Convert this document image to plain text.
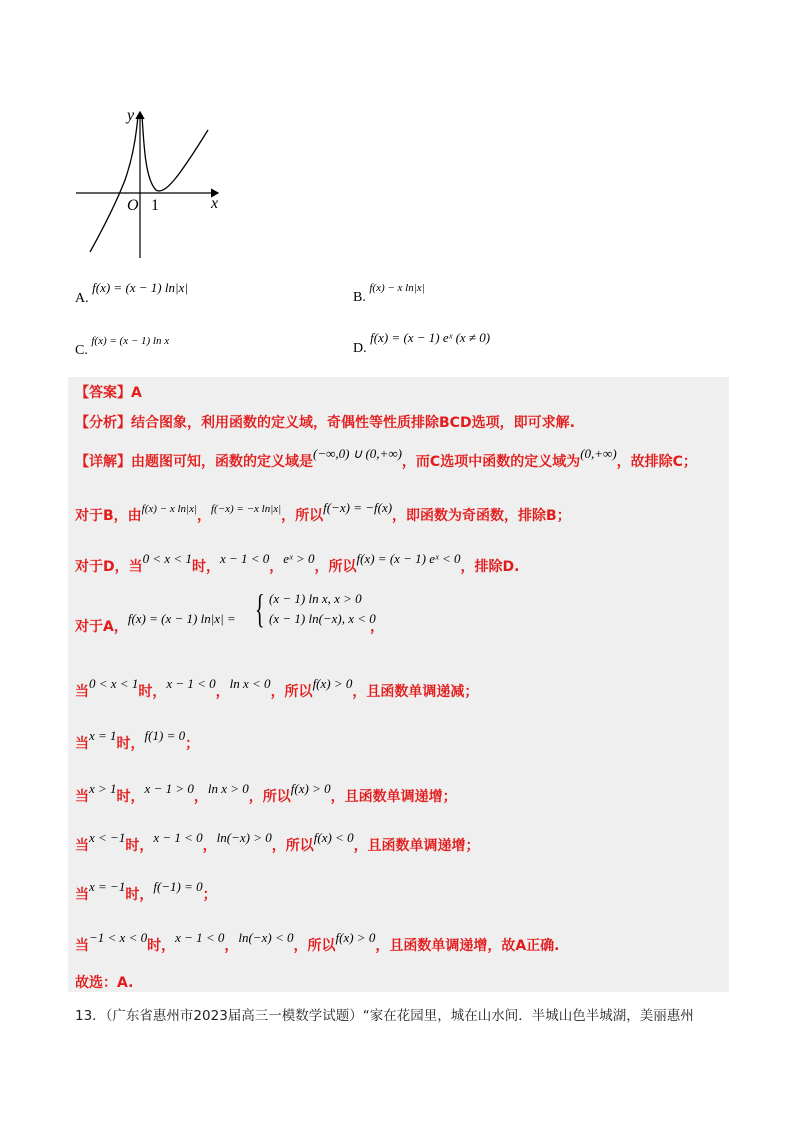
y
x
O 1
A. f(x) = (x − 1) ln|x|
B. f(x) − x ln|x|
C. f(x) = (x − 1) ln x	D. f(x) = (x − 1) eˣ (x ≠ 0)
【答案】A
【分析】结合图象，利用函数的定义域，奇偶性等性质排除BCD选项，即可求解.
【详解】由题图可知，函数的定义域是(−∞,0) ∪ (0,+∞)，而C选项中函数的定义域为(0,+∞)，故排除C；
对于B，由$^{f(x) - x ln|x|}$，$^{f(-x) = -x ln|x|}$，所以f(−x) = −f(x)，即函数为奇函数，排除B；
对于D，当0 < x < 1时，x − 1 < 0，eˣ > 0，所以f(x) = (x − 1) eˣ < 0，排除D.
对于A，f(x) = (x − 1) ln|x| = { (x − 1) ln x, x > 0
(x − 1) ln(−x), x < 0
，
当0 < x < 1时，x − 1 < 0，ln x < 0，所以f(x) > 0，且函数单调递减；
当x = 1时，f(1) = 0；
当x > 1时，x − 1 > 0，ln x > 0，所以f(x) > 0，且函数单调递增；
当x < −1时，x − 1 < 0，ln(−x) > 0，所以f(x) < 0，且函数单调递增；
当x = −1时，f(−1) = 0；
当−1 < x < 0时，x − 1 < 0，ln(−x) < 0，所以f(x) > 0，且函数单调递增，故A正确.
故选：A.
13．（广东省惠州市2023届高三一模数学试题）“家在花园里，城在山水间．半城山色半城湖，美丽惠州
